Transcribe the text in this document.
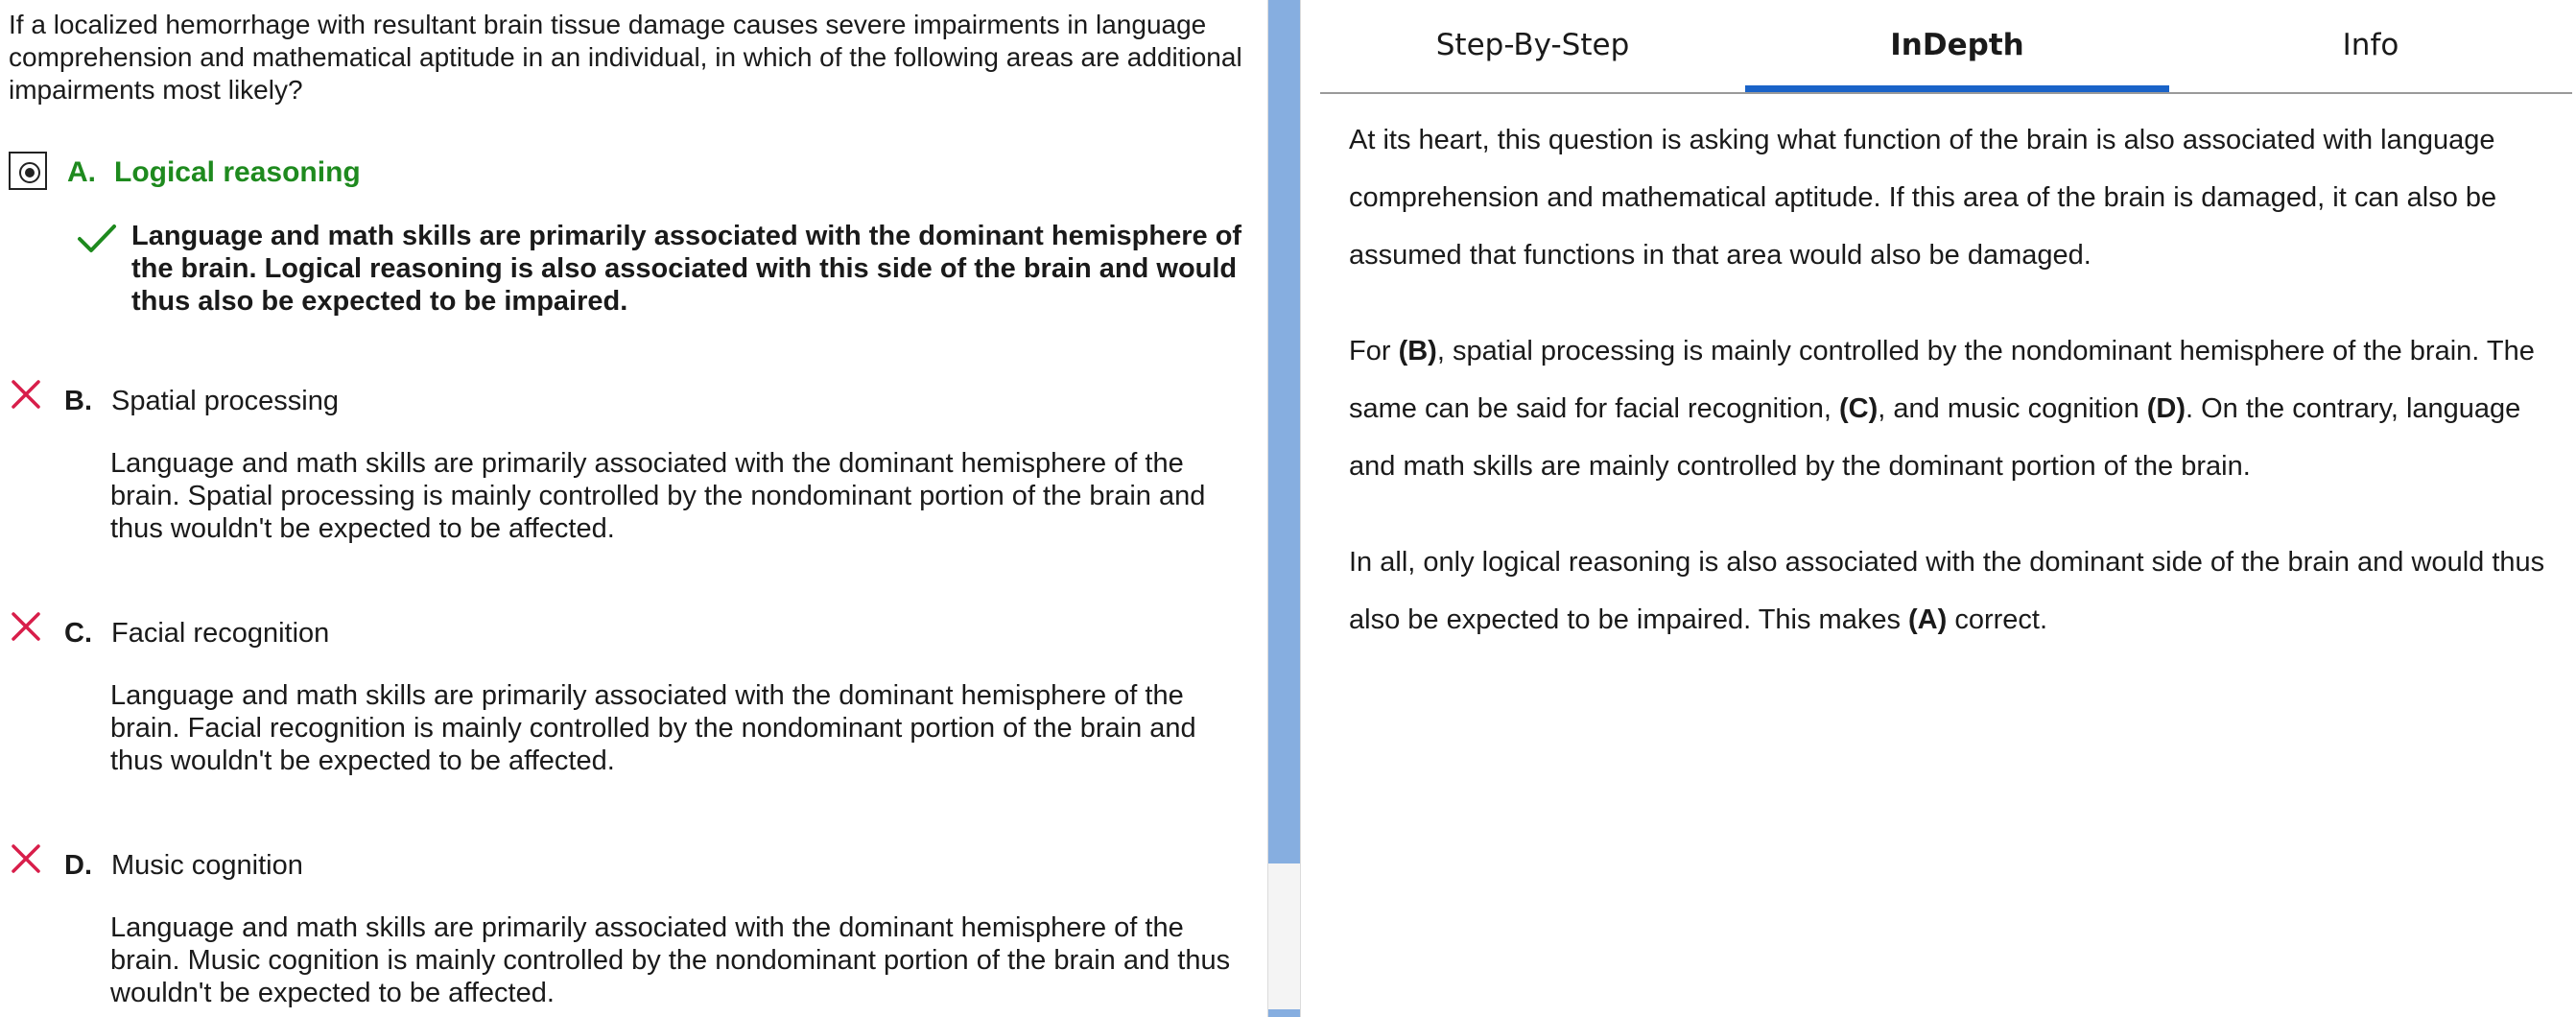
If a localized hemorrhage with resultant brain tissue damage causes severe impairments in language comprehension and mathematical aptitude in an individual, in which of the following areas are additional impairments most likely?
A. Logical reasoning
Language and math skills are primarily associated with the dominant hemisphere of the brain. Logical reasoning is also associated with this side of the brain and would thus also be expected to be impaired.
B. Spatial processing
Language and math skills are primarily associated with the dominant hemisphere of the brain. Spatial processing is mainly controlled by the nondominant portion of the brain and thus wouldn't be expected to be affected.
C. Facial recognition
Language and math skills are primarily associated with the dominant hemisphere of the brain. Facial recognition is mainly controlled by the nondominant portion of the brain and thus wouldn't be expected to be affected.
D. Music cognition
Language and math skills are primarily associated with the dominant hemisphere of the brain. Music cognition is mainly controlled by the nondominant portion of the brain and thus wouldn't be expected to be affected.
Step-By-Step	InDepth	Info

At its heart, this question is asking what function of the brain is also associated with language comprehension and mathematical aptitude. If this area of the brain is damaged, it can also be assumed that functions in that area would also be damaged.

For (B), spatial processing is mainly controlled by the nondominant hemisphere of the brain. The same can be said for facial recognition, (C), and music cognition (D). On the contrary, language and math skills are mainly controlled by the dominant portion of the brain.

In all, only logical reasoning is also associated with the dominant side of the brain and would thus also be expected to be impaired. This makes (A) correct.
